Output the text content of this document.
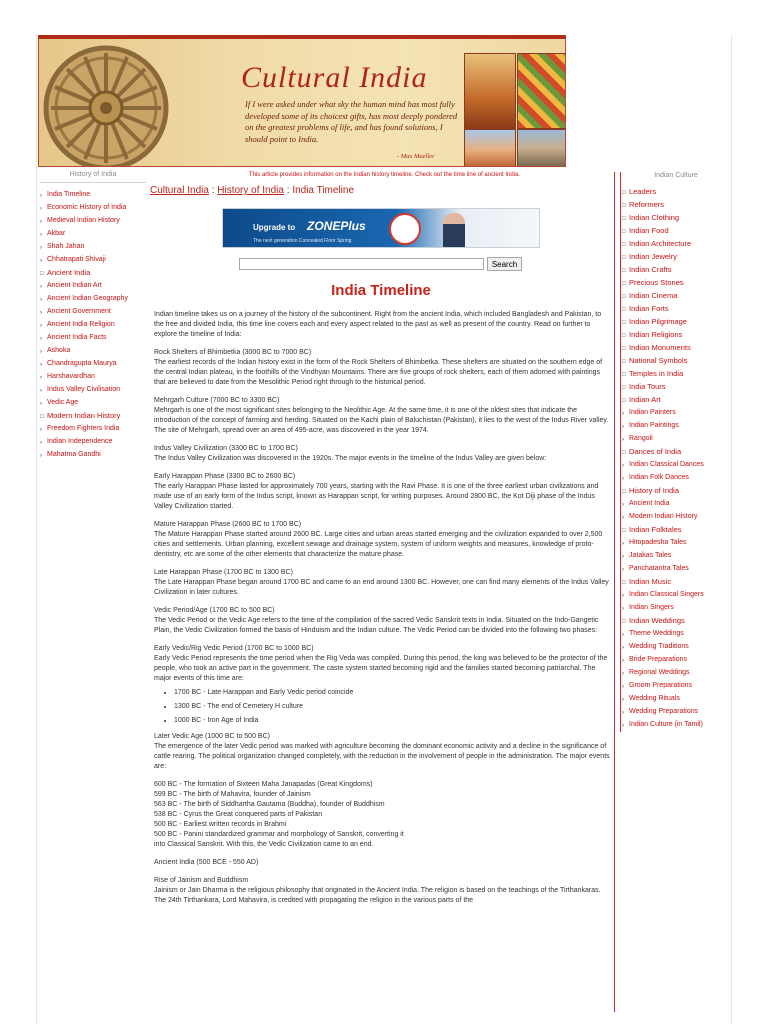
Cultural India
If I were asked under what sky the human mind has most fully developed some of its choicest gifts, has most deeply pondered on the greatest problems of life, and has found solutions, I should point to India.
- Max Mueller
History of India
› India Timeline
› Economic History of India
› Medieval Indian History
› Akbar
› Shah Jahan
› Chhatrapati Shivaji
□ Ancient India
› Ancient Indian Art
› Ancient Indian Geography
› Ancient Government
› Ancient India Religion
› Ancient India Facts
› Ashoka
› Chandragupta Maurya
› Harshavardhan
› Indus Valley Civilisation
› Vedic Age
□ Modern Indian History
› Freedom Fighters India
› Indian Independence
› Mahatma Gandhi
This article provides information on the Indian history timeline. Check out the time line of ancient India.
Cultural India : History of India : India Timeline
Upgrade to ZONEPlus
The next generation Concealed Floor Spring
Search
India Timeline

Indian timeline takes us on a journey of the history of the subcontinent. Right from the ancient India, which included Bangladesh and Pakistan, to the free and divided India, this time line covers each and every aspect related to the past as well as present of the country. Read on further to explore the timeline of India:

Rock Shelters of Bhimbetka (3000 BC to 7000 BC)

The earliest records of the Indian history exist in the form of the Rock Shelters of Bhimbetka. These shelters are situated on the southern edge of the central Indian plateau, in the foothills of the Vindhyan Mountains. There are five groups of rock shelters, each of them adorned with paintings that are believed to date from the Mesolithic Period right through to the historical period.

Mehrgarh Culture (7000 BC to 3300 BC)

Mehrgarh is one of the most significant sites belonging to the Neolithic Age. At the same time, it is one of the oldest sites that indicate the introduction of the concept of farming and herding. Situated on the Kachi plain of Baluchistan (Pakistan), it lies to the west of the Indus River valley. The site of Mehrgarh, spread over an area of 495-acre, was discovered in the year 1974.

Indus Valley Civilization (3300 BC to 1700 BC)

The Indus Valley Civilization was discovered in the 1920s. The major events in the timeline of the Indus Valley are given below:

Early Harappan Phase (3300 BC to 2600 BC)

The early Harappan Phase lasted for approximately 700 years, starting with the Ravi Phase. It is one of the three earliest urban civilizations and made use of an early form of the Indus script, known as Harappan script, for writing purposes. Around 2800 BC, the Kot Diji phase of the Indus Valley Civilization started.

Mature Harappan Phase (2600 BC to 1700 BC)

The Mature Harappan Phase started around 2600 BC. Large cities and urban areas started emerging and the civilization expanded to over 2,500 cities and settlements. Urban planning, excellent sewage and drainage system, system of uniform weights and measures, knowledge of proto-dentistry, etc are some of the other elements that characterize the mature phase.

Late Harappan Phase (1700 BC to 1300 BC)

The Late Harappan Phase began around 1700 BC and came to an end around 1300 BC. However, one can find many elements of the Indus Valley Civilization in later cultures.

Vedic Period/Age (1700 BC to 500 BC)

The Vedic Period or the Vedic Age refers to the time of the compilation of the sacred Vedic Sanskrit texts in India. Situated on the Indo-Gangetic Plain, the Vedic Civilization formed the basis of Hinduism and the Indian culture. The Vedic Period can be divided into the following two phases:

Early Vedic/Rig Vedic Period (1700 BC to 1000 BC)

Early Vedic Period represents the time period when the Rig Veda was compiled. During this period, the king was believed to be the protector of the people, who took an active part in the government. The caste system started becoming rigid and the families started becoming patriarchal. The major events of this time are:

• 1700 BC - Late Harappan and Early Vedic period coincide
• 1300 BC - The end of Cemetery H culture
• 1000 BC - Iron Age of India
Later Vedic Age (1000 BC to 500 BC)

The emergence of the later Vedic period was marked with agriculture becoming the dominant economic activity and a decline in the significance of cattle rearing. The political organization changed completely, with the reduction in the involvement of people in the administration. The major events are:

600 BC - The formation of Sixteen Maha Janapadas (Great Kingdoms)
599 BC - The birth of Mahavira, founder of Jainism
563 BC - The birth of Siddhartha Gautama (Buddha), founder of Buddhism
538 BC - Cyrus the Great conquered parts of Pakistan
500 BC - Earliest written records in Brahmi
500 BC - Panini standardized grammar and morphology of Sanskrit, converting it
into Classical Sanskrit. With this, the Vedic Civilization came to an end.

Ancient India (500 BCE - 550 AD)

Rise of Jainism and Buddhism

Jainism or Jain Dharma is the religious philosophy that originated in the Ancient India. The religion is based on the teachings of the Tirthankaras. The 24th Tirthankara, Lord Mahavira, is credited with propagating the religion in the various parts of the

Indian Culture
□ Leaders
□ Reformers
□ Indian Clothing
□ Indian Food
□ Indian Architecture
□ Indian Jewelry
□ Indian Crafts
□ Precious Stones
□ Indian Cinema
□ Indian Forts
□ Indian Pilgrimage
□ Indian Religions
□ Indian Monuments
□ National Symbols
□ Temples in India
□ India Tours
□ Indian Art
› Indian Painters
› Indian Paintings
› Rangoli
□ Dances of India
› Indian Classical Dances
› Indian Folk Dances
□ History of India
› Ancient India
› Modern Indian History
□ Indian Folktales
› Hitopadesha Tales
› Jatakas Tales
› Panchatantra Tales
□ Indian Music
› Indian Classical Singers
› Indian Singers
□ Indian Weddings
› Theme Weddings
› Wedding Traditions
› Bride Preparations
› Regional Weddings
› Groom Preparations
› Wedding Rituals
› Wedding Preparations
› Indian Culture (in Tamil)
